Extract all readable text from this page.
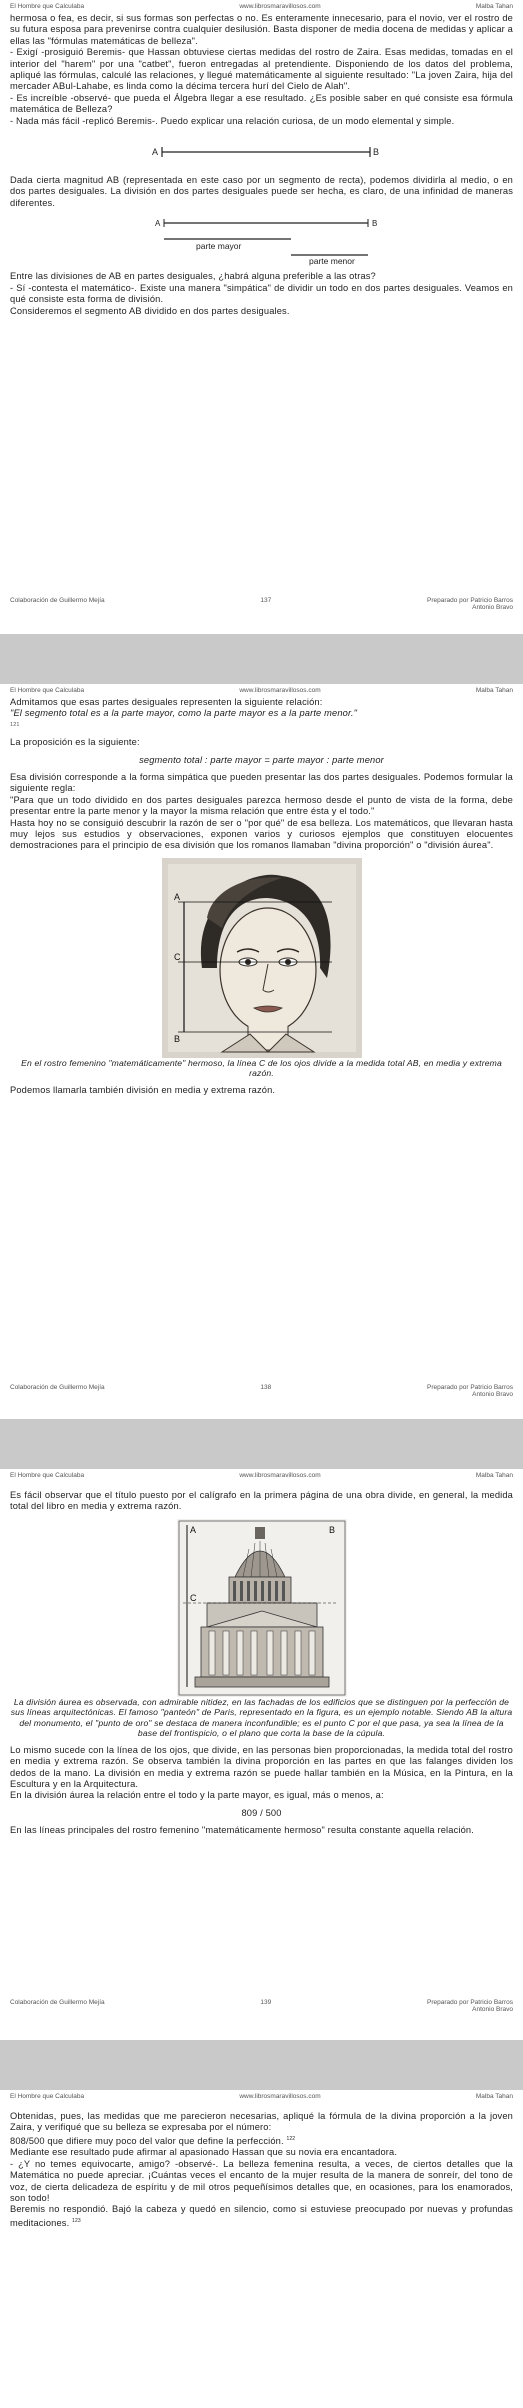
El Hombre que Calculaba	www.librosmaravillosos.com	Malba Tahan

hermosa o fea, es decir, si sus formas son perfectas o no. Es enteramente innecesario, para el novio, ver el rostro de su futura esposa para prevenirse contra cualquier desilusión. Basta disponer de media docena de medidas y aplicar a ellas las "fórmulas matemáticas de belleza".

- Exigí -prosiguió Beremis- que Hassan obtuviese ciertas medidas del rostro de Zaira. Esas medidas, tomadas en el interior del "harem" por una "catbet", fueron entregadas al pretendiente. Disponiendo de los datos del problema, apliqué las fórmulas, calculé las relaciones, y llegué matemáticamente al siguiente resultado: "La joven Zaira, hija del mercader ABul-Lahabe, es linda como la décima tercera hurí del Cielo de Alah".

- Es increíble -observé- que pueda el Álgebra llegar a ese resultado. ¿Es posible saber en qué consiste esa fórmula matemática de Belleza?

- Nada más fácil -replicó Beremis-. Puedo explicar una relación curiosa, de un modo elemental y simple.

A	B

Dada cierta magnitud AB (representada en este caso por un segmento de recta), podemos dividirla al medio, o en dos partes desiguales. La división en dos partes desiguales puede ser hecha, es claro, de una infinidad de maneras diferentes.

A	B
parte mayor
parte menor

Entre las divisiones de AB en partes desiguales, ¿habrá alguna preferible a las otras?

- Sí -contesta el matemático-. Existe una manera "simpática" de dividir un todo en dos partes desiguales. Veamos en qué consiste esta forma de división.

Consideremos el segmento AB dividido en dos partes desiguales.

Colaboración de Guillermo Mejía	137	Preparado por Patricio Barros
Antonio Bravo
El Hombre que Calculaba	www.librosmaravillosos.com	Malba Tahan

Admitamos que esas partes desiguales representen la siguiente relación:

"El segmento total es a la parte mayor, como la parte mayor es a la parte menor."

121

La proposición es la siguiente:

segmento total : parte mayor = parte mayor : parte menor

Esa división corresponde a la forma simpática que pueden presentar las dos partes desiguales. Podemos formular la siguiente regla:

"Para que un todo dividido en dos partes desiguales parezca hermoso desde el punto de vista de la forma, debe presentar entre la parte menor y la mayor la misma relación que entre ésta y el todo."

Hasta hoy no se consiguió descubrir la razón de ser o "por qué" de esa belleza. Los matemáticos, que llevaran hasta muy lejos sus estudios y observaciones, exponen varios y curiosos ejemplos que constituyen elocuentes demostraciones para el principio de esa división que los romanos llamaban "divina proporción" o "división áurea".

A
C
B

En el rostro femenino "matemáticamente" hermoso, la línea C de los ojos divide a la medida total AB, en media y extrema razón.

Podemos llamarla también división en media y extrema razón.

Colaboración de Guillermo Mejía	138	Preparado por Patricio Barros
Antonio Bravo
El Hombre que Calculaba	www.librosmaravillosos.com	Malba Tahan

Es fácil observar que el título puesto por el calígrafo en la primera página de una obra divide, en general, la medida total del libro en media y extrema razón.

A
C
B

La división áurea es observada, con admirable nitidez, en las fachadas de los edificios que se distinguen por la perfección de sus líneas arquitectónicas. El famoso "panteón" de Paris, representado en la figura, es un ejemplo notable. Siendo AB la altura del monumento, el "punto de oro" se destaca de manera inconfundible; es el punto C por el que pasa, ya sea la línea de la base del frontispicio, o el plano que corta la base de la cúpula.

Lo mismo sucede con la línea de los ojos, que divide, en las personas bien proporcionadas, la medida total del rostro en media y extrema razón. Se observa también la divina proporción en las partes en que las falanges dividen los dedos de la mano. La división en media y extrema razón se puede hallar también en la Música, en la Pintura, en la Escultura y en la Arquitectura.

En la división áurea la relación entre el todo y la parte mayor, es igual, más o menos, a:

809 / 500

En las líneas principales del rostro femenino "matemáticamente hermoso" resulta constante aquella relación.

Colaboración de Guillermo Mejía	139	Preparado por Patricio Barros
Antonio Bravo
El Hombre que Calculaba	www.librosmaravillosos.com	Malba Tahan

Obtenidas, pues, las medidas que me parecieron necesarias, apliqué la fórmula de la divina proporción a la joven Zaira, y verifiqué que su belleza se expresaba por el número:

808/500 que difiere muy poco del valor que define la perfección. $^{122}$

Mediante ese resultado pude afirmar al apasionado Hassan que su novia era encantadora.

- ¿Y no temes equivocarte, amigo? -observé-. La belleza femenina resulta, a veces, de ciertos detalles que la Matemática no puede apreciar. ¡Cuántas veces el encanto de la mujer resulta de la manera de sonreír, del tono de voz, de cierta delicadeza de espíritu y de mil otros pequeñísimos detalles que, en ocasiones, para los enamorados, son todo!

Beremis no respondió. Bajó la cabeza y quedó en silencio, como si estuviese preocupado por nuevas y profundas meditaciones. $^{123}$
